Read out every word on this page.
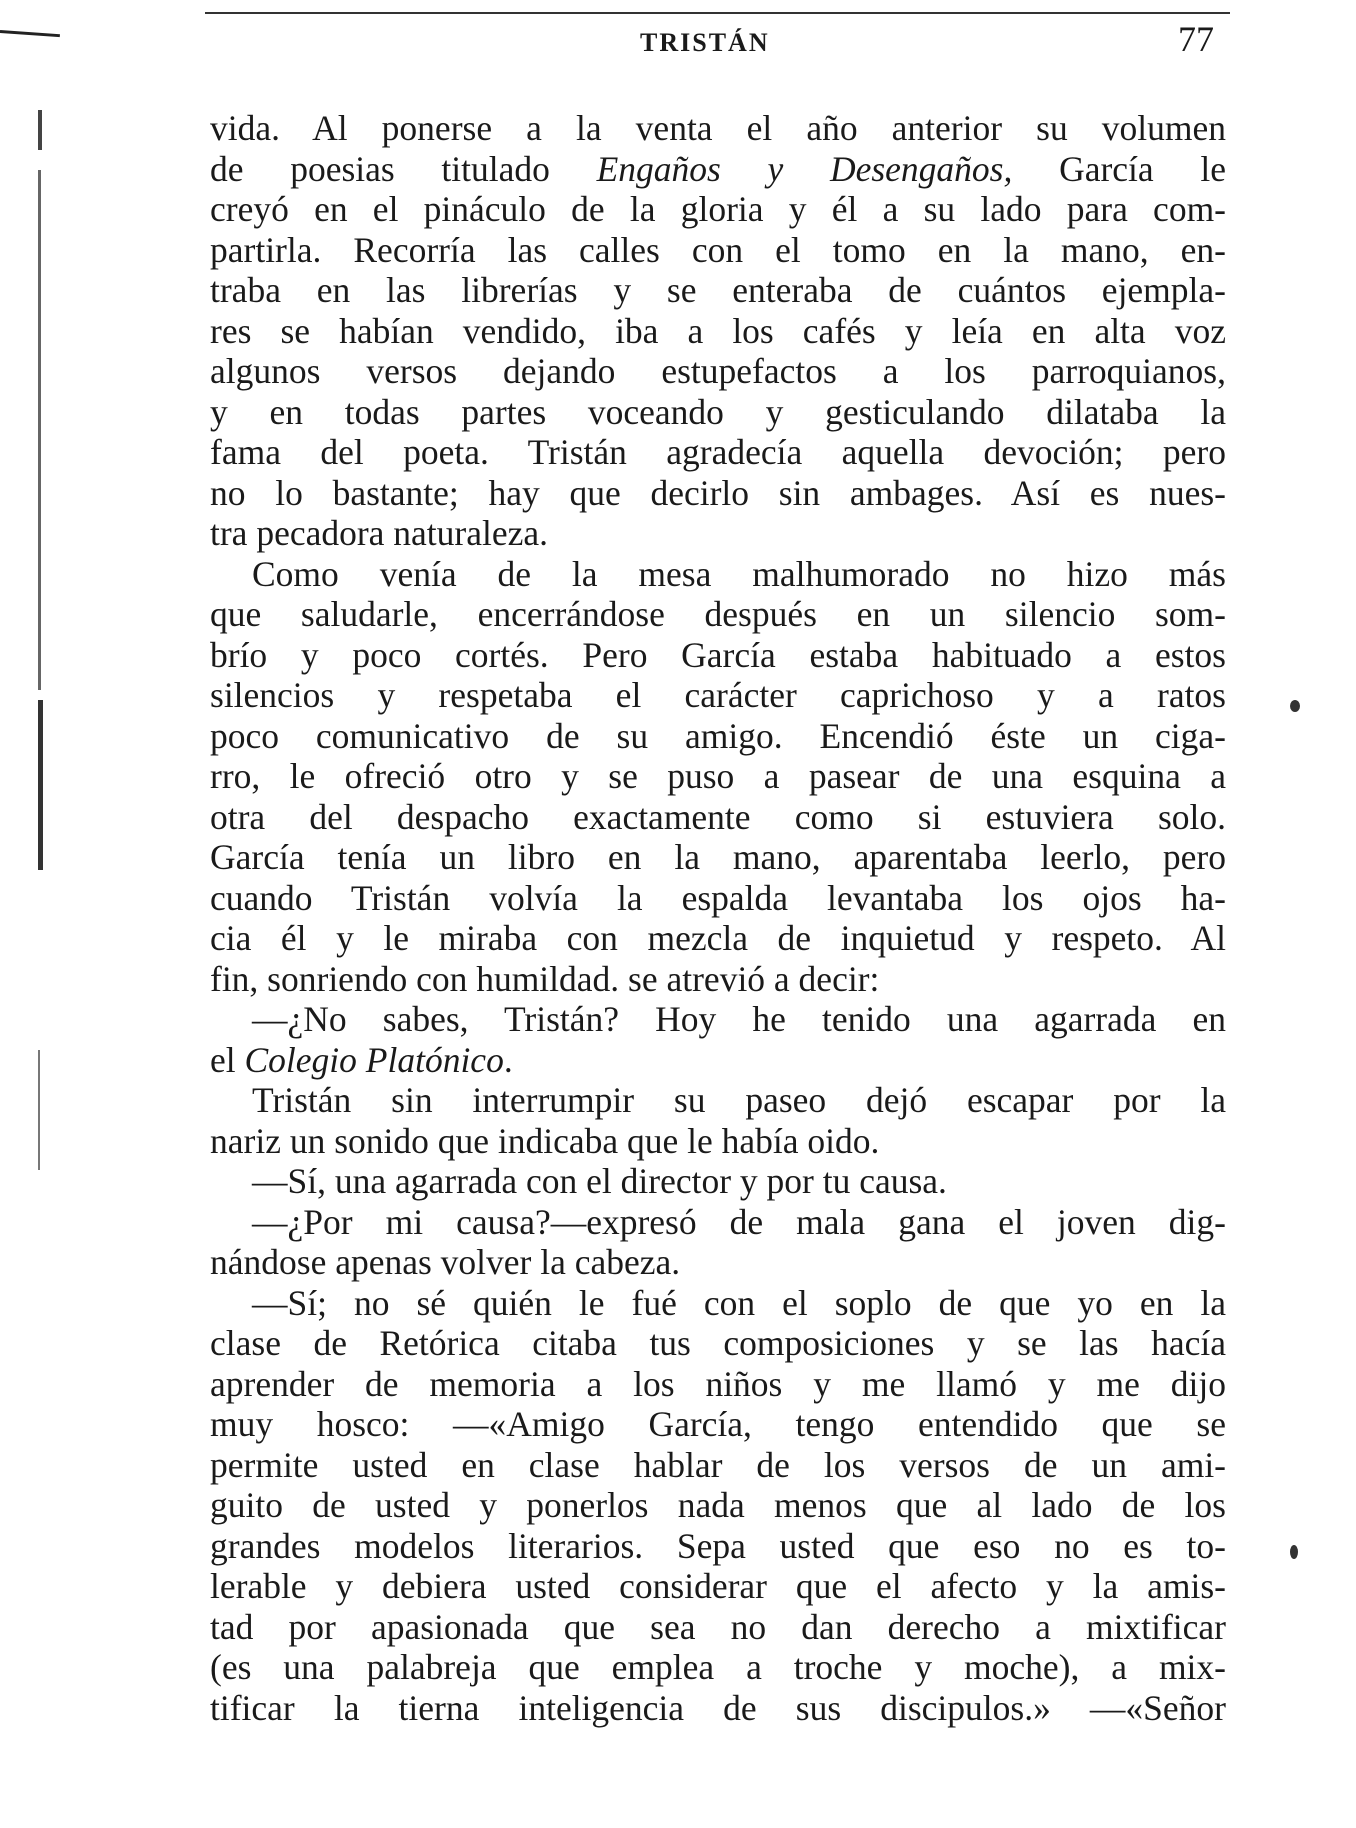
TRISTÁN	77
vida. Al ponerse a la venta el año anterior su volumen
de poesias titulado Engaños y Desengaños, García le
creyó en el pináculo de la gloria y él a su lado para com-
partirla. Recorría las calles con el tomo en la mano, en-
traba en las librerías y se enteraba de cuántos ejempla-
res se habían vendido, iba a los cafés y leía en alta voz
algunos versos dejando estupefactos a los parroquianos,
y en todas partes voceando y gesticulando dilataba la
fama del poeta. Tristán agradecía aquella devoción; pero
no lo bastante; hay que decirlo sin ambages. Así es nues-
tra pecadora naturaleza.
Como venía de la mesa malhumorado no hizo más
que saludarle, encerrándose después en un silencio som-
brío y poco cortés. Pero García estaba habituado a estos
silencios y respetaba el carácter caprichoso y a ratos
poco comunicativo de su amigo. Encendió éste un ciga-
rro, le ofreció otro y se puso a pasear de una esquina a
otra del despacho exactamente como si estuviera solo.
García tenía un libro en la mano, aparentaba leerlo, pero
cuando Tristán volvía la espalda levantaba los ojos ha-
cia él y le miraba con mezcla de inquietud y respeto. Al
fin, sonriendo con humildad. se atrevió a decir:
—¿No sabes, Tristán? Hoy he tenido una agarrada en
el Colegio Platónico.
Tristán sin interrumpir su paseo dejó escapar por la
nariz un sonido que indicaba que le había oido.
—Sí, una agarrada con el director y por tu causa.
—¿Por mi causa?—expresó de mala gana el joven dig-
nándose apenas volver la cabeza.
—Sí; no sé quién le fué con el soplo de que yo en la
clase de Retórica citaba tus composiciones y se las hacía
aprender de memoria a los niños y me llamó y me dijo
muy hosco: —«Amigo García, tengo entendido que se
permite usted en clase hablar de los versos de un ami-
guito de usted y ponerlos nada menos que al lado de los
grandes modelos literarios. Sepa usted que eso no es to-
lerable y debiera usted considerar que el afecto y la amis-
tad por apasionada que sea no dan derecho a mixtificar
(es una palabreja que emplea a troche y moche), a mix-
tificar la tierna inteligencia de sus discipulos.» —«Señor
